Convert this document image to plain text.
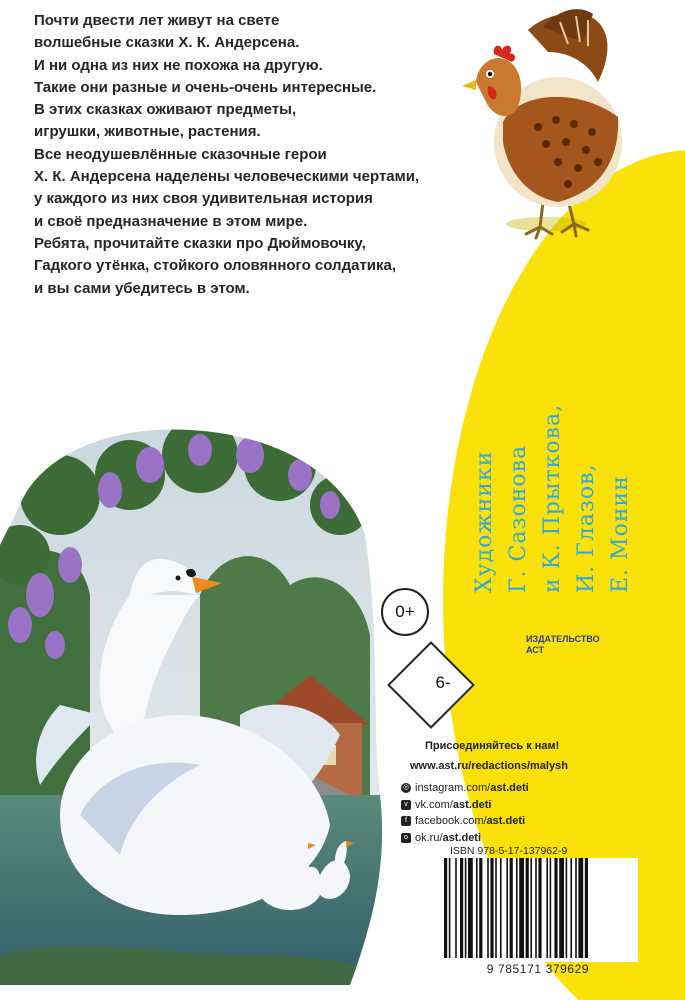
Почти двести лет живут на свете
волшебные сказки Х. К. Андерсена.
И ни одна из них не похожа на другую.
Такие они разные и очень-очень интересные.
В этих сказках оживают предметы,
игрушки, животные, растения.
Все неодушевлённые сказочные герои
Х. К. Андерсена наделены человеческими чертами,
у каждого из них своя удивительная история
и своё предназначение в этом мире.
Ребята, прочитайте сказки про Дюймовочку,
Гадкого утёнка, стойкого оловянного солдатика,
и вы сами убедитесь в этом.
Художники Г. Сазонова и К. Прыткова, И. Глазов, Е. Монин
ИЗДАТЕЛЬСТВО
АСТ
0+
6-
Присоединяйтесь к нам!
www.ast.ru/redactions/malysh
◎ instagram.com/ast.deti
v vk.com/ast.deti
f facebook.com/ast.deti
o ok.ru/ast.deti
ISBN 978-5-17-137962-9
9 785171 379629
